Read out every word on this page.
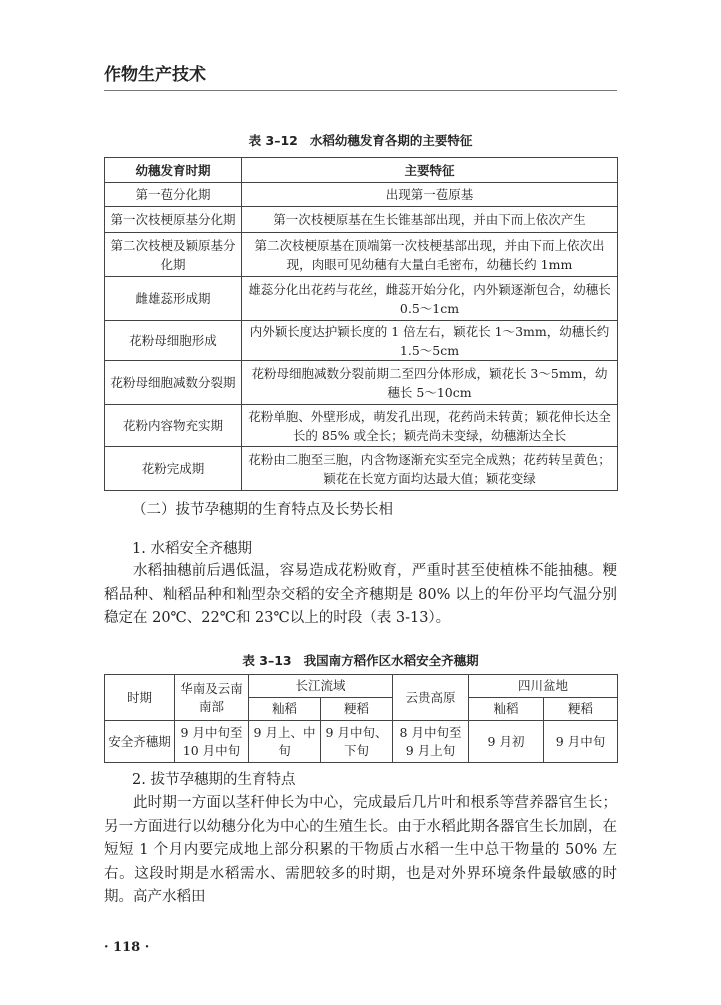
作物生产技术
表 3–12 水稻幼穗发育各期的主要特征
幼穗发育时期	主要特征
第一苞分化期	出现第一苞原基
第一次枝梗原基分化期	第一次枝梗原基在生长锥基部出现，并由下而上依次产生
第二次枝梗及颖原基分化期	第二次枝梗原基在顶端第一次枝梗基部出现，并由下而上依次出现，肉眼可见幼穗有大量白毛密布，幼穗长约 1mm
雌雄蕊形成期	雄蕊分化出花药与花丝，雌蕊开始分化，内外颖逐渐包合，幼穗长 0.5～1cm
花粉母细胞形成	内外颖长度达护颖长度的 1 倍左右，颖花长 1～3mm，幼穗长约 1.5～5cm
花粉母细胞减数分裂期	花粉母细胞减数分裂前期二至四分体形成，颖花长 3～5mm，幼穗长 5～10cm
花粉内容物充实期	花粉单胞、外壁形成，萌发孔出现，花药尚未转黄；颖花伸长达全长的 85% 或全长；颖壳尚未变绿，幼穗渐达全长
花粉完成期	花粉由二胞至三胞，内含物逐渐充实至完全成熟；花药转呈黄色；颖花在长宽方面均达最大值；颖花变绿
（二）拔节孕穗期的生育特点及长势长相
1. 水稻安全齐穗期

水稻抽穗前后遇低温，容易造成花粉败育，严重时甚至使植株不能抽穗。粳稻品种、籼稻品种和籼型杂交稻的安全齐穗期是 80% 以上的年份平均气温分别稳定在 20℃、22℃和 23℃以上的时段（表 3-13）。

表 3–13 我国南方稻作区水稻安全齐穗期
时期	华南及云南南部	长江流域		云贵高原	四川盆地	
		籼稻	粳稻		籼稻	粳稻
安全齐穗期	9 月中旬至 10 月中旬	9 月上、中旬	9 月中旬、下旬	8 月中旬至 9 月上旬	9 月初	9 月中旬
2. 拔节孕穗期的生育特点

此时期一方面以茎秆伸长为中心，完成最后几片叶和根系等营养器官生长；另一方面进行以幼穗分化为中心的生殖生长。由于水稻此期各器官生长加剧，在短短 1 个月内要完成地上部分积累的干物质占水稻一生中总干物量的 50% 左右。这段时期是水稻需水、需肥较多的时期，也是对外界环境条件最敏感的时期。高产水稻田

· 118 ·
